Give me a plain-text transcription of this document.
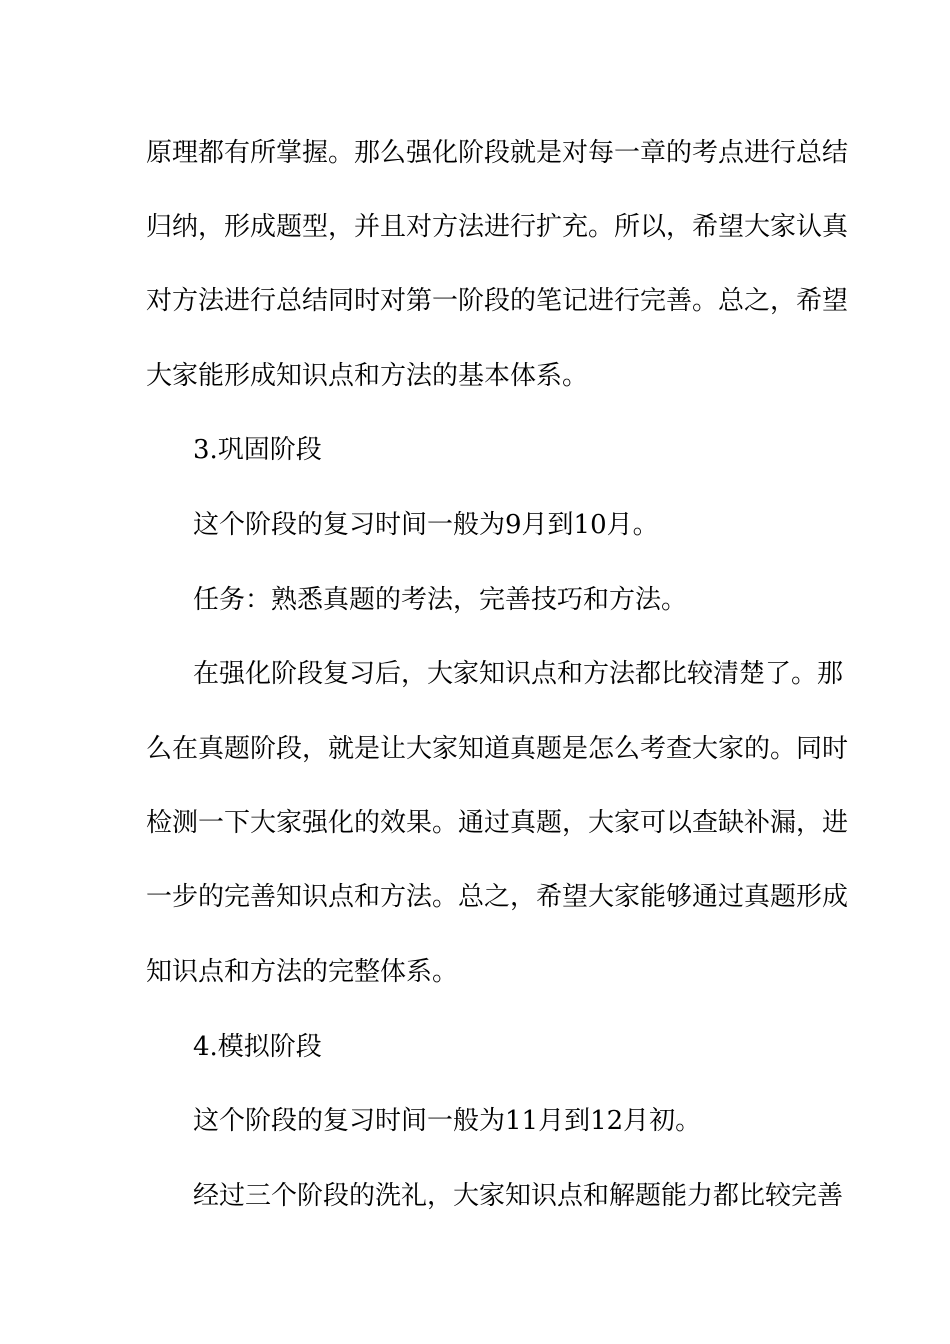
原理都有所掌握。那么强化阶段就是对每一章的考点进行总结
归纳，形成题型，并且对方法进行扩充。所以，希望大家认真
对方法进行总结同时对第一阶段的笔记进行完善。总之，希望
大家能形成知识点和方法的基本体系。
3.巩固阶段
这个阶段的复习时间一般为9月到10月。
任务：熟悉真题的考法，完善技巧和方法。
在强化阶段复习后，大家知识点和方法都比较清楚了。那
么在真题阶段，就是让大家知道真题是怎么考查大家的。同时
检测一下大家强化的效果。通过真题，大家可以查缺补漏，进
一步的完善知识点和方法。总之，希望大家能够通过真题形成
知识点和方法的完整体系。
4.模拟阶段
这个阶段的复习时间一般为11月到12月初。
经过三个阶段的洗礼，大家知识点和解题能力都比较完善
